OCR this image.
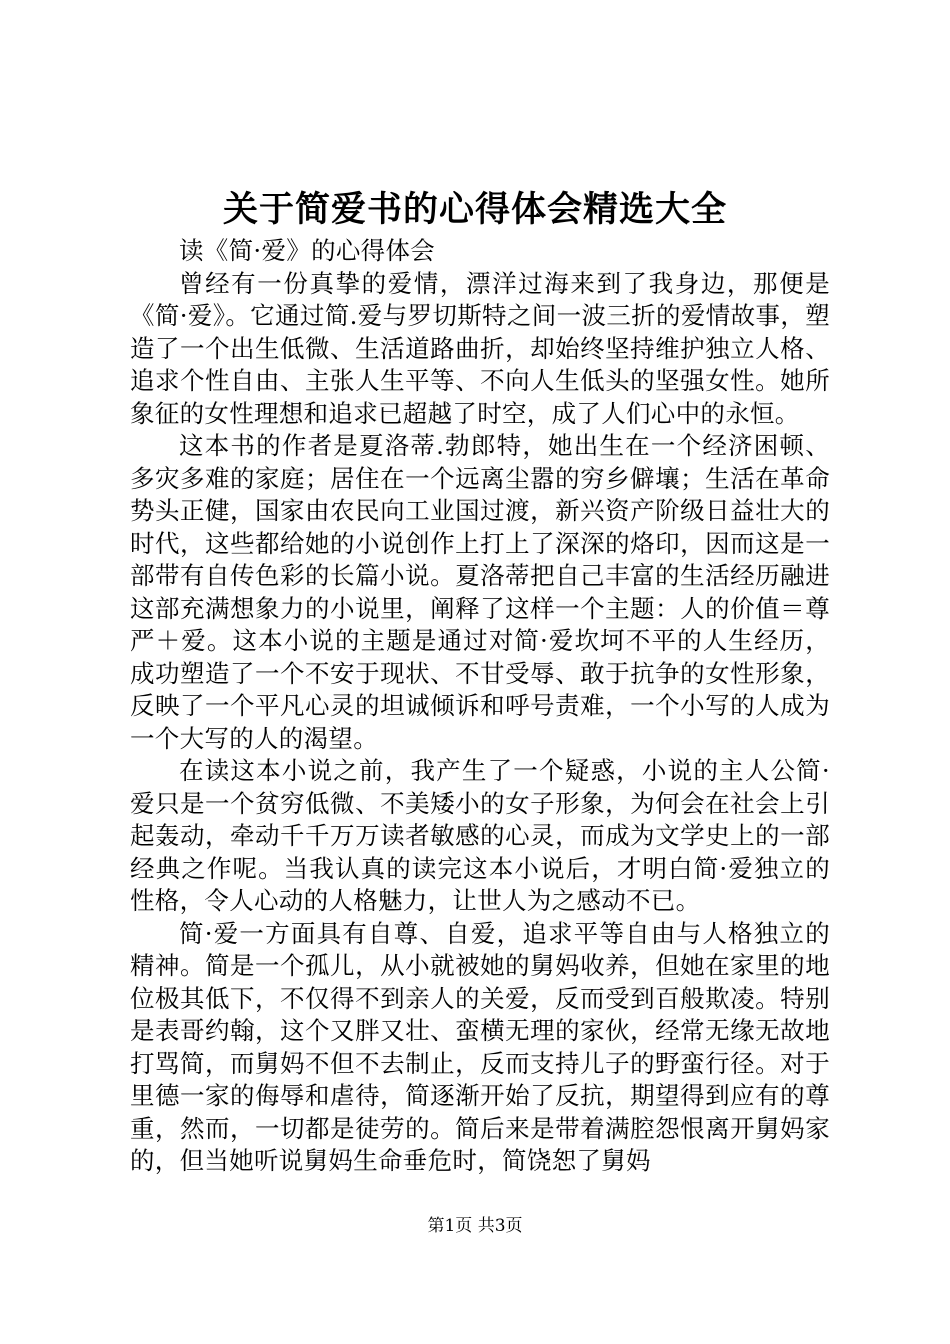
关于简爱书的心得体会精选大全

读《简·爱》的心得体会

曾经有一份真挚的爱情，漂洋过海来到了我身边，那便是《简·爱》。它通过简.爱与罗切斯特之间一波三折的爱情故事，塑造了一个出生低微、生活道路曲折，却始终坚持维护独立人格、追求个性自由、主张人生平等、不向人生低头的坚强女性。她所象征的女性理想和追求已超越了时空，成了人们心中的永恒。

这本书的作者是夏洛蒂.勃郎特，她出生在一个经济困顿、多灾多难的家庭；居住在一个远离尘嚣的穷乡僻壤；生活在革命势头正健，国家由农民向工业国过渡，新兴资产阶级日益壮大的时代，这些都给她的小说创作上打上了深深的烙印，因而这是一部带有自传色彩的长篇小说。夏洛蒂把自己丰富的生活经历融进这部充满想象力的小说里，阐释了这样一个主题：人的价值＝尊严＋爱。这本小说的主题是通过对简·爱坎坷不平的人生经历，成功塑造了一个不安于现状、不甘受辱、敢于抗争的女性形象，反映了一个平凡心灵的坦诚倾诉和呼号责难，一个小写的人成为一个大写的人的渴望。

在读这本小说之前，我产生了一个疑惑，小说的主人公简·爱只是一个贫穷低微、不美矮小的女子形象，为何会在社会上引起轰动，牵动千千万万读者敏感的心灵，而成为文学史上的一部经典之作呢。当我认真的读完这本小说后，才明白简·爱独立的性格，令人心动的人格魅力，让世人为之感动不已。

简·爱一方面具有自尊、自爱，追求平等自由与人格独立的精神。简是一个孤儿，从小就被她的舅妈收养，但她在家里的地位极其低下，不仅得不到亲人的关爱，反而受到百般欺凌。特别是表哥约翰，这个又胖又壮、蛮横无理的家伙，经常无缘无故地打骂简，而舅妈不但不去制止，反而支持儿子的野蛮行径。对于里德一家的侮辱和虐待，简逐渐开始了反抗，期望得到应有的尊重，然而，一切都是徒劳的。简后来是带着满腔怨恨离开舅妈家的，但当她听说舅妈生命垂危时，简饶恕了舅妈

第1页 共3页
